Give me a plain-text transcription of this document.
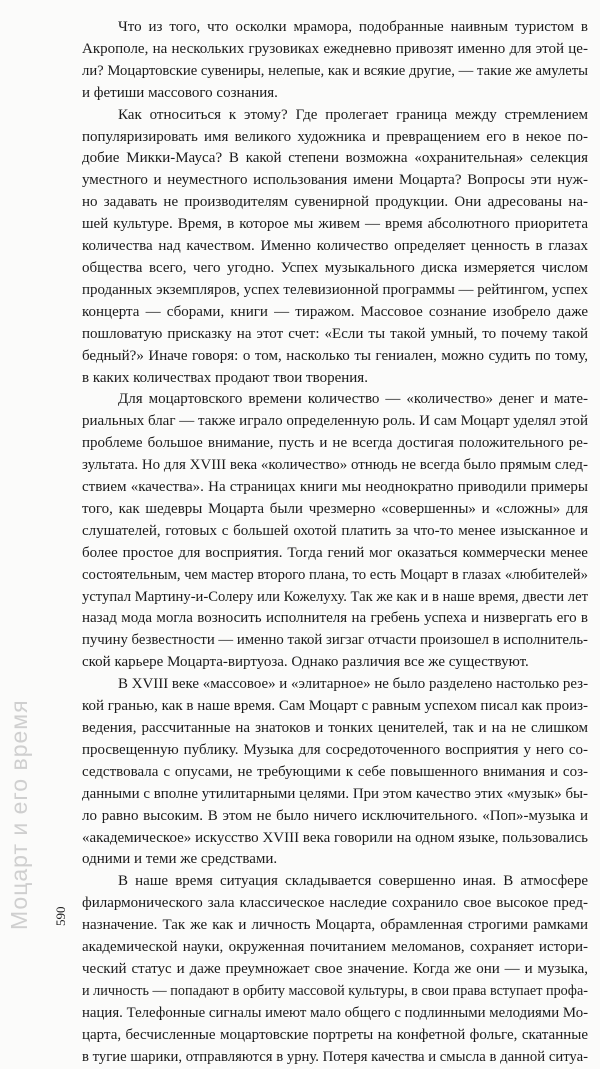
Моцарт и его время 590
Что из того, что осколки мрамора, подобранные наивным туристом в
Акрополе, на нескольких грузовиках ежедневно привозят именно для этой це-
ли? Моцартовские сувениры, нелепые, как и всякие другие, — такие же амулеты
и фетиши массового сознания.
Как относиться к этому? Где пролегает граница между стремлением
популяризировать имя великого художника и превращением его в некое по-
добие Микки-Мауса? В какой степени возможна «охранительная» селекция
уместного и неуместного использования имени Моцарта? Вопросы эти нуж-
но задавать не производителям сувенирной продукции. Они адресованы на-
шей культуре. Время, в которое мы живем — время абсолютного приоритета
количества над качеством. Именно количество определяет ценность в глазах
общества всего, чего угодно. Успех музыкального диска измеряется числом
проданных экземпляров, успех телевизионной программы — рейтингом, успех
концерта — сборами, книги — тиражом. Массовое сознание изобрело даже
пошловатую присказку на этот счет: «Если ты такой умный, то почему такой
бедный?» Иначе говоря: о том, насколько ты гениален, можно судить по тому,
в каких количествах продают твои творения.
Для моцартовского времени количество — «количество» денег и мате-
риальных благ — также играло определенную роль. И сам Моцарт уделял этой
проблеме большое внимание, пусть и не всегда достигая положительного ре-
зультата. Но для XVIII века «количество» отнюдь не всегда было прямым след-
ствием «качества». На страницах книги мы неоднократно приводили примеры
того, как шедевры Моцарта были чрезмерно «совершенны» и «сложны» для
слушателей, готовых с большей охотой платить за что-то менее изысканное и
более простое для восприятия. Тогда гений мог оказаться коммерчески менее
состоятельным, чем мастер второго плана, то есть Моцарт в глазах «любителей»
уступал Мартину-и-Солеру или Кожелуху. Так же как и в наше время, двести лет
назад мода могла возносить исполнителя на гребень успеха и низвергать его в
пучину безвестности — именно такой зигзаг отчасти произошел в исполнитель-
ской карьере Моцарта-виртуоза. Однако различия все же существуют.
В XVIII веке «массовое» и «элитарное» не было разделено настолько рез-
кой гранью, как в наше время. Сам Моцарт с равным успехом писал как произ-
ведения, рассчитанные на знатоков и тонких ценителей, так и на не слишком
просвещенную публику. Музыка для сосредоточенного восприятия у него со-
седствовала с опусами, не требующими к себе повышенного внимания и соз-
данными с вполне утилитарными целями. При этом качество этих «музык» бы-
ло равно высоким. В этом не было ничего исключительного. «Поп»-музыка и
«академическое» искусство XVIII века говорили на одном языке, пользовались
одними и теми же средствами.
В наше время ситуация складывается совершенно иная. В атмосфере
филармонического зала классическое наследие сохранило свое высокое пред-
назначение. Так же как и личность Моцарта, обрамленная строгими рамками
академической науки, окруженная почитанием меломанов, сохраняет истори-
ческий статус и даже преумножает свое значение. Когда же они — и музыка,
и личность — попадают в орбиту массовой культуры, в свои права вступает профа-
нация. Телефонные сигналы имеют мало общего с подлинными мелодиями Мо-
царта, бесчисленные моцартовские портреты на конфетной фольге, скатанные
в тугие шарики, отправляются в урну. Потеря качества и смысла в данной ситуа-
